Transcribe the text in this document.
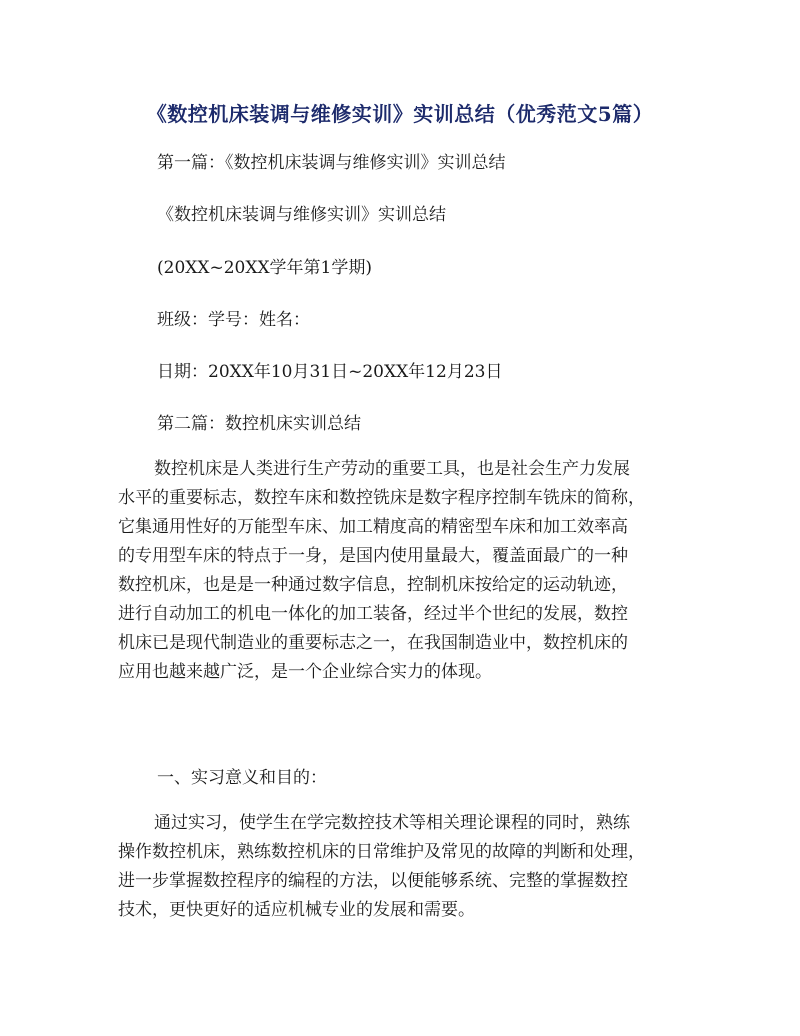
《数控机床装调与维修实训》实训总结（优秀范文5篇）
第一篇：《数控机床装调与维修实训》实训总结
《数控机床装调与维修实训》实训总结
(20XX~20XX学年第1学期)
班级：学号：姓名：
日期：20XX年10月31日~20XX年12月23日
第二篇：数控机床实训总结
数控机床是人类进行生产劳动的重要工具，也是社会生产力发展
水平的重要标志，数控车床和数控铣床是数字程序控制车铣床的简称，
它集通用性好的万能型车床、加工精度高的精密型车床和加工效率高
的专用型车床的特点于一身，是国内使用量最大，覆盖面最广的一种
数控机床，也是是一种通过数字信息，控制机床按给定的运动轨迹，
进行自动加工的机电一体化的加工装备，经过半个世纪的发展，数控
机床已是现代制造业的重要标志之一，在我国制造业中，数控机床的
应用也越来越广泛，是一个企业综合实力的体现。
一、实习意义和目的：
通过实习，使学生在学完数控技术等相关理论课程的同时，熟练
操作数控机床，熟练数控机床的日常维护及常见的故障的判断和处理，
进一步掌握数控程序的编程的方法，以便能够系统、完整的掌握数控
技术，更快更好的适应机械专业的发展和需要。
